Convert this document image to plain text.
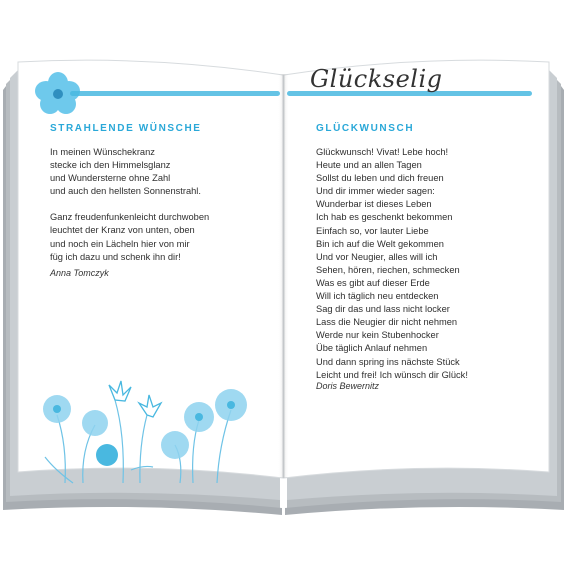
Glückselig
STRAHLENDE WÜNSCHE
In meinen Wünschekranz
stecke ich den Himmelsglanz
und Wundersterne ohne Zahl
und auch den hellsten Sonnenstrahl.
Ganz freudenfunkenleicht durchwoben
leuchtet der Kranz von unten, oben
und noch ein Lächeln hier von mir
füg ich dazu und schenk ihn dir!
Anna Tomczyk
GLÜCKWUNSCH
Glückwunsch! Vivat! Lebe hoch!
Heute und an allen Tagen
Sollst du leben und dich freuen
Und dir immer wieder sagen:
Wunderbar ist dieses Leben
Ich hab es geschenkt bekommen
Einfach so, vor lauter Liebe
Bin ich auf die Welt gekommen
Und vor Neugier, alles will ich
Sehen, hören, riechen, schmecken
Was es gibt auf dieser Erde
Will ich täglich neu entdecken
Sag dir das und lass nicht locker
Lass die Neugier dir nicht nehmen
Werde nur kein Stubenhocker
Übe täglich Anlauf nehmen
Und dann spring ins nächste Stück
Leicht und frei! Ich wünsch dir Glück!
Doris Bewernitz
